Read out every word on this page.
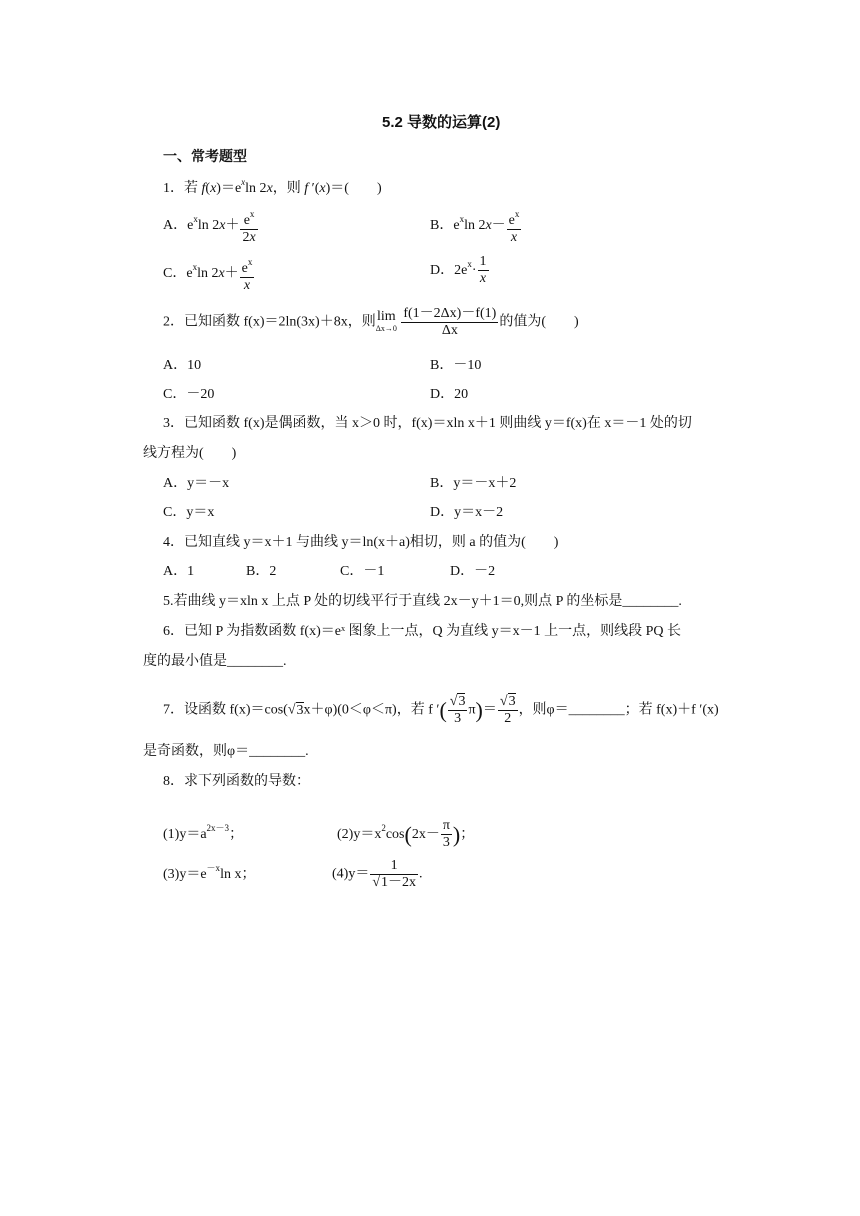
5.2 导数的运算(2)
一、常考题型
1．若 $f(x)=e^x\ln$ 2x，则 f ′(x)＝(　　)
A．$e^x\ln$ $2x+ \frac{e^x}{2x}$	B．$e^x\ln$ $2x- \frac{e^x}{x}$
C．$e^x\ln$ $2x+ \frac{e^x}{x}$	D．$2e^x\cdot \frac{1}{x}$
2．已知函数 f(x)＝2ln(3x)＋8x，则lim
Δx→0
$\frac{f(1-2\Delta x)-f(1)}{\Delta x}$ 的值为(　　)
A．10	B．－10
C．－20	D．20
3．已知函数 f(x)是偶函数，当 x＞0 时，f(x)＝xln x＋1 则曲线 y＝f(x)在 x＝－1 处的切
线方程为(　　)
A．y＝－x	B．y＝－x＋2
C．y＝x	D．y＝x－2
4．已知直线 y＝x＋1 与曲线 y＝ln(x＋a)相切，则 a 的值为(　　)
A．1	B．2	C．－1	D．－2
5.若曲线 y＝xln x 上点 P 处的切线平行于直线 2x－y＋1＝0,则点 P 的坐标是________.
6．已知 P 为指数函数 f(x)＝eˣ 图象上一点，Q 为直线 y＝x－1 上一点，则线段 PQ 长
度的最小值是________.
7．设函数 f(x)＝cos(√3x＋φ)(0＜φ＜π)，若 f ′( $\frac{√3}{3} \pi)= \frac{√3}{2}$ ，则φ＝________；若 f(x)＋f ′(x)
是奇函数，则φ＝________.
8．求下列函数的导数：
$(1)y=a^{2x-3}$；	$(2)y=x^2\cos(2x- \frac{\pi}{3}$ )；
$(3)y=e^{-x}\ln$ x；	$(4)y= \frac{1}{√1-2x}$ .
